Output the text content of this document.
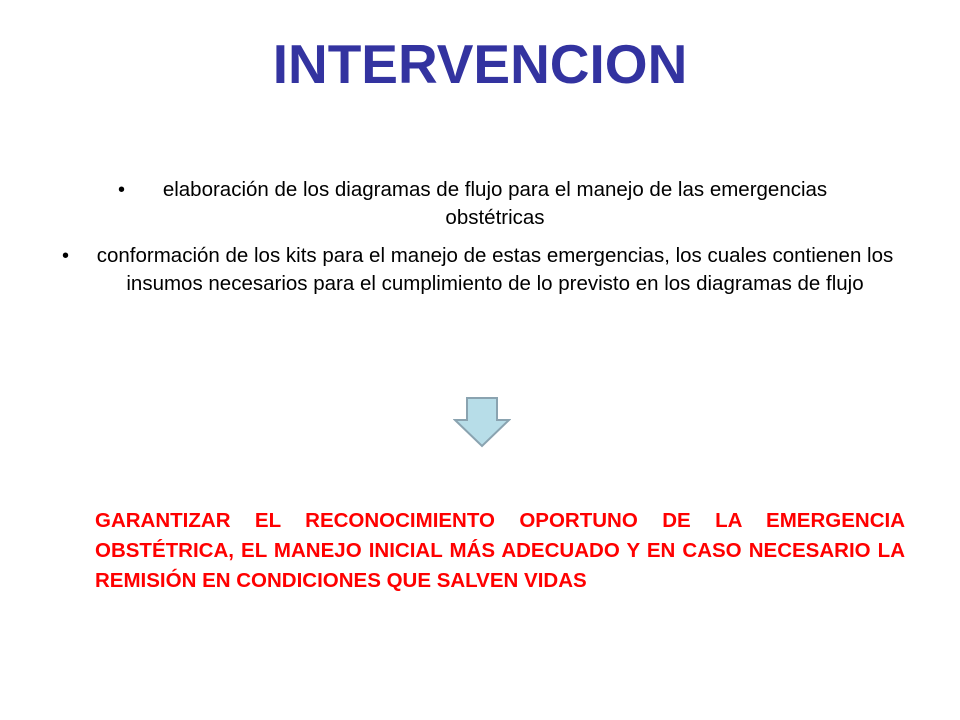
INTERVENCION
• elaboración de los diagramas de flujo para el manejo de las emergencias obstétricas
• conformación de los kits para el manejo de estas emergencias, los cuales contienen los insumos necesarios para el cumplimiento de lo previsto en los diagramas de flujo
GARANTIZAR EL RECONOCIMIENTO OPORTUNO DE LA EMERGENCIA OBSTÉTRICA, EL MANEJO INICIAL MÁS ADECUADO Y EN CASO NECESARIO LA REMISIÓN EN CONDICIONES QUE SALVEN VIDAS
